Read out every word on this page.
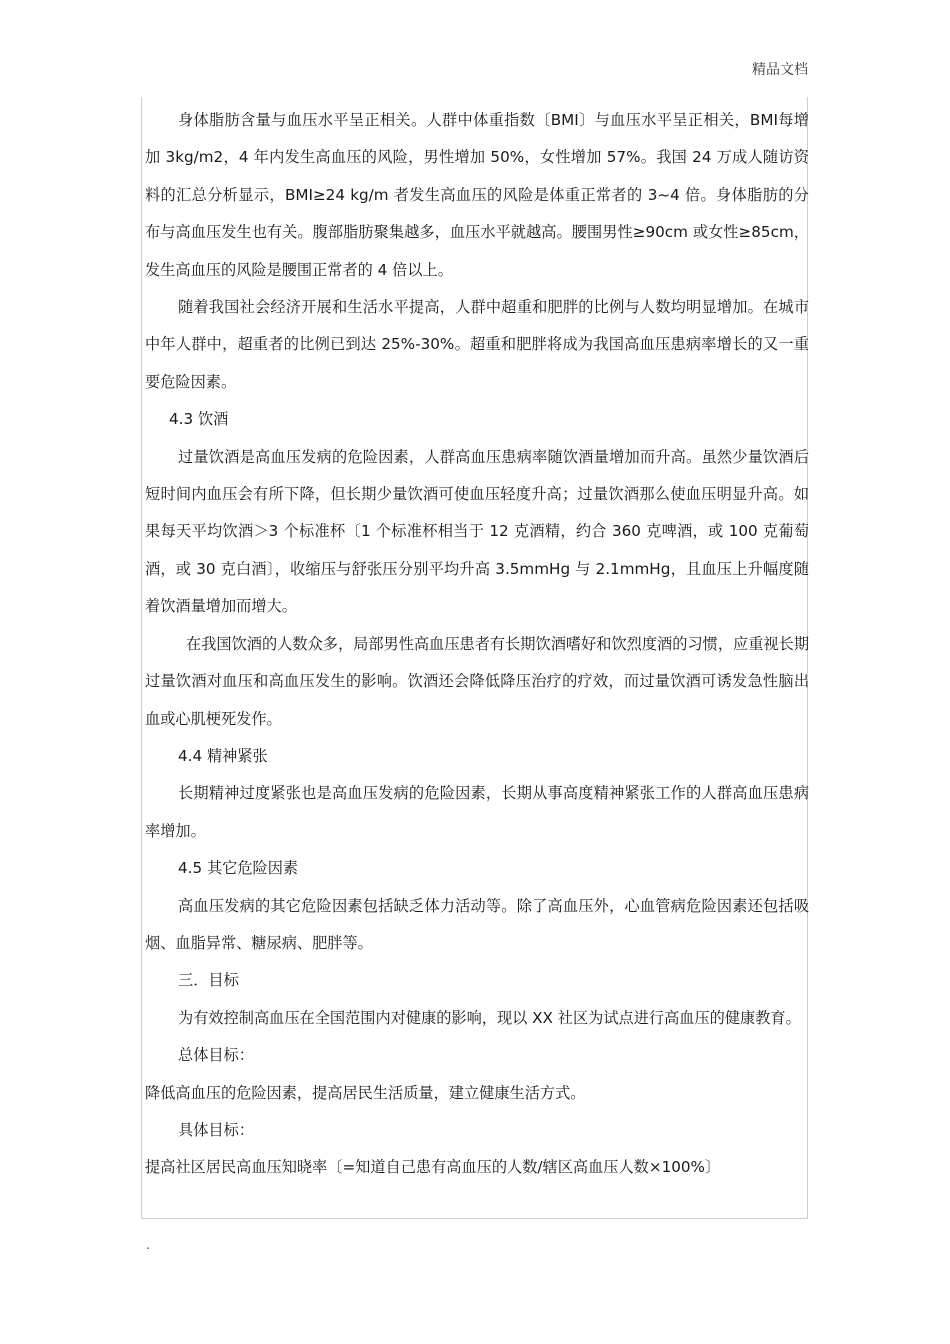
精品文档

身体脂肪含量与血压水平呈正相关。人群中体重指数〔BMI〕与血压水平呈正相关，BMI每增加 3kg/m2，4 年内发生高血压的风险，男性增加 50%，女性增加 57%。我国 24 万成人随访资料的汇总分析显示，BMI≥24 kg/m 者发生高血压的风险是体重正常者的 3~4 倍。身体脂肪的分布与高血压发生也有关。腹部脂肪聚集越多，血压水平就越高。腰围男性≥90cm 或女性≥85cm，发生高血压的风险是腰围正常者的 4 倍以上。

随着我国社会经济开展和生活水平提高，人群中超重和肥胖的比例与人数均明显增加。在城市中年人群中，超重者的比例已到达 25%-30%。超重和肥胖将成为我国高血压患病率增长的又一重要危险因素。

4.3 饮酒

过量饮酒是高血压发病的危险因素，人群高血压患病率随饮酒量增加而升高。虽然少量饮酒后短时间内血压会有所下降，但长期少量饮酒可使血压轻度升高；过量饮酒那么使血压明显升高。如果每天平均饮酒＞3 个标准杯〔1 个标准杯相当于 12 克酒精，约合 360 克啤酒，或 100 克葡萄酒，或 30 克白酒〕，收缩压与舒张压分别平均升高 3.5mmHg 与 2.1mmHg，且血压上升幅度随着饮酒量增加而增大。

在我国饮酒的人数众多，局部男性高血压患者有长期饮酒嗜好和饮烈度酒的习惯，应重视长期过量饮酒对血压和高血压发生的影响。饮酒还会降低降压治疗的疗效，而过量饮酒可诱发急性脑出血或心肌梗死发作。

4.4 精神紧张

长期精神过度紧张也是高血压发病的危险因素，长期从事高度精神紧张工作的人群高血压患病率增加。

4.5 其它危险因素

高血压发病的其它危险因素包括缺乏体力活动等。除了高血压外，心血管病危险因素还包括吸烟、血脂异常、糖尿病、肥胖等。

三．目标

为有效控制高血压在全国范围内对健康的影响，现以 XX 社区为试点进行高血压的健康教育。

总体目标：

降低高血压的危险因素，提高居民生活质量，建立健康生活方式。

具体目标：

提高社区居民高血压知晓率〔=知道自己患有高血压的人数/辖区高血压人数×100%〕

.
